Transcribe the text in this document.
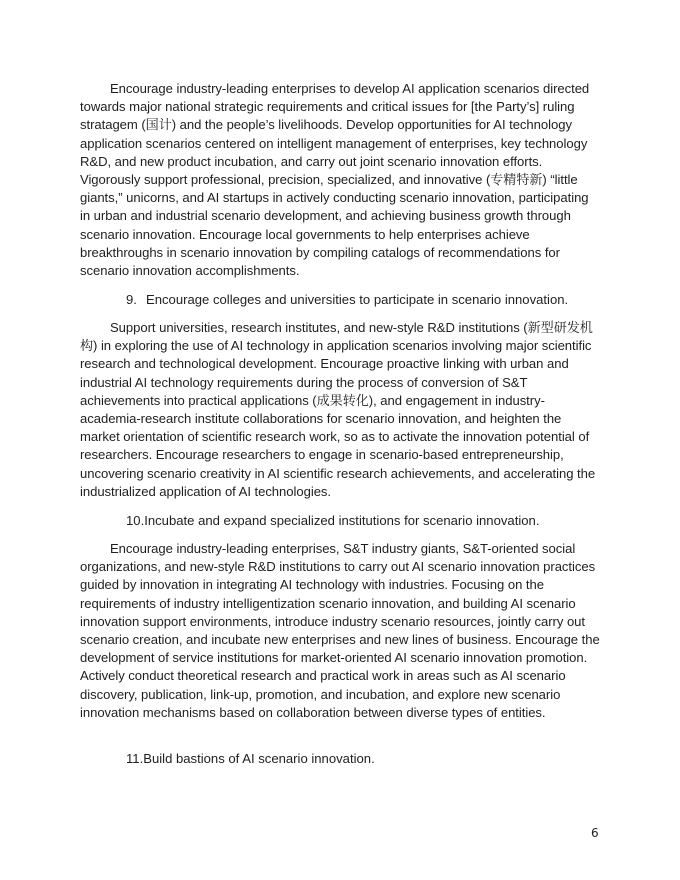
Encourage industry-leading enterprises to develop AI application scenarios directed towards major national strategic requirements and critical issues for [the Party’s] ruling stratagem (国计) and the people’s livelihoods. Develop opportunities for AI technology application scenarios centered on intelligent management of enterprises, key technology R&D, and new product incubation, and carry out joint scenario innovation efforts. Vigorously support professional, precision, specialized, and innovative (专精特新) “little giants,” unicorns, and AI startups in actively conducting scenario innovation, participating in urban and industrial scenario development, and achieving business growth through scenario innovation. Encourage local governments to help enterprises achieve breakthroughs in scenario innovation by compiling catalogs of recommendations for scenario innovation accomplishments.

9. Encourage colleges and universities to participate in scenario innovation.

Support universities, research institutes, and new-style R&D institutions (新型研发机构) in exploring the use of AI technology in application scenarios involving major scientific research and technological development. Encourage proactive linking with urban and industrial AI technology requirements during the process of conversion of S&T achievements into practical applications (成果转化), and engagement in industry-academia-research institute collaborations for scenario innovation, and heighten the market orientation of scientific research work, so as to activate the innovation potential of researchers. Encourage researchers to engage in scenario-based entrepreneurship, uncovering scenario creativity in AI scientific research achievements, and accelerating the industrialized application of AI technologies.

10.Incubate and expand specialized institutions for scenario innovation.

Encourage industry-leading enterprises, S&T industry giants, S&T-oriented social organizations, and new-style R&D institutions to carry out AI scenario innovation practices guided by innovation in integrating AI technology with industries. Focusing on the requirements of industry intelligentization scenario innovation, and building AI scenario innovation support environments, introduce industry scenario resources, jointly carry out scenario creation, and incubate new enterprises and new lines of business. Encourage the development of service institutions for market-oriented AI scenario innovation promotion. Actively conduct theoretical research and practical work in areas such as AI scenario discovery, publication, link-up, promotion, and incubation, and explore new scenario innovation mechanisms based on collaboration between diverse types of entities.

11.Build bastions of AI scenario innovation.
6
